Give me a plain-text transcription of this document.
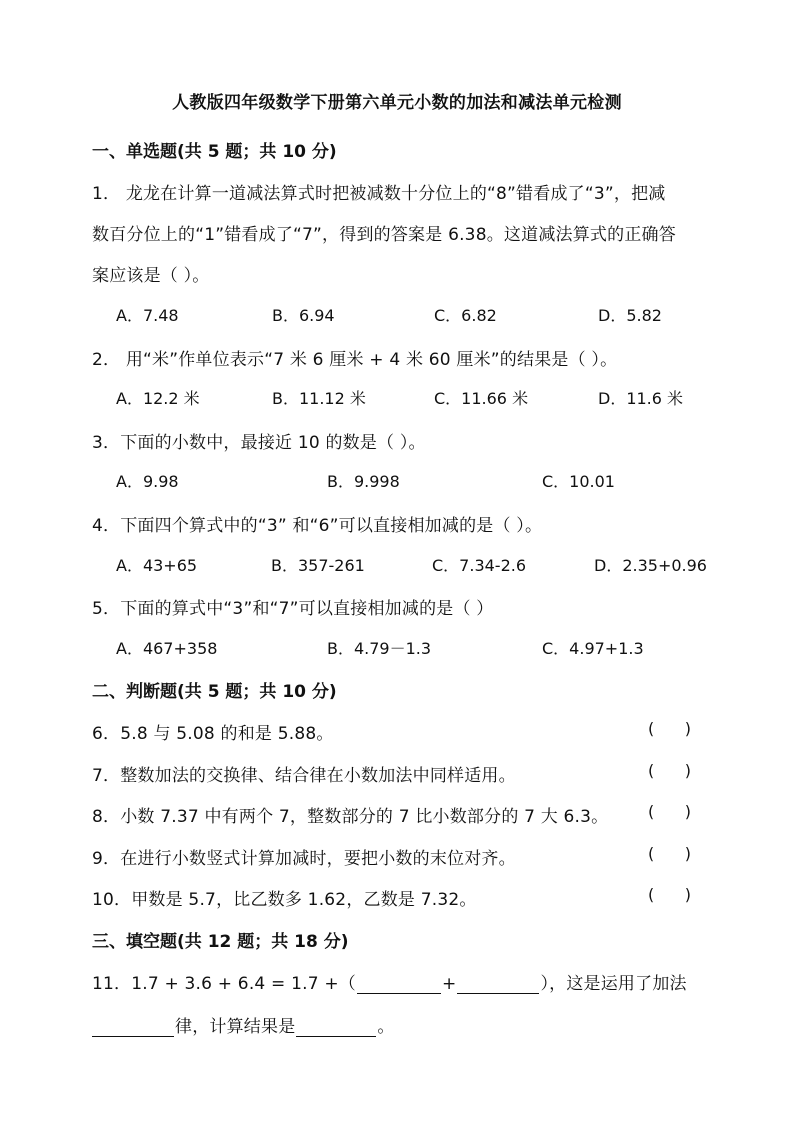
人教版四年级数学下册第六单元小数的加法和减法单元检测
一、单选题(共 5 题；共 10 分)
1． 龙龙在计算一道减法算式时把被减数十分位上的“8”错看成了“3”，把减
数百分位上的“1”错看成了“7”，得到的答案是 6.38。这道减法算式的正确答
案应该是（ ）。
A．7.48	B．6.94	C．6.82	D．5.82
2． 用“米”作单位表示“7 米 6 厘米 + 4 米 60 厘米”的结果是（ ）。
A．12.2 米	B．11.12 米	C．11.66 米	D．11.6 米
3．下面的小数中，最接近 10 的数是（ ）。
A．9.98	B．9.998	C．10.01
4．下面四个算式中的“3” 和“6”可以直接相加减的是（ ）。
A．43+65	B．357-261	C．7.34-2.6	D．2.35+0.96
5．下面的算式中“3”和“7”可以直接相加减的是（ ）
A．467+358	B．4.79－1.3	C．4.97+1.3
二、判断题(共 5 题；共 10 分)
6．5.8 与 5.08 的和是 5.88。	(      )
7．整数加法的交换律、结合律在小数加法中同样适用。	(      )
8．小数 7.37 中有两个 7，整数部分的 7 比小数部分的 7 大 6.3。 (      )
9．在进行小数竖式计算加减时，要把小数的末位对齐。	(      )
10．甲数是 5.7，比乙数多 1.62，乙数是 7.32。	(      )
三、填空题(共 12 题；共 18 分)
11．1.7 + 3.6 + 6.4 = 1.7 +（	+	），这是运用了加法
律，计算结果是	。
